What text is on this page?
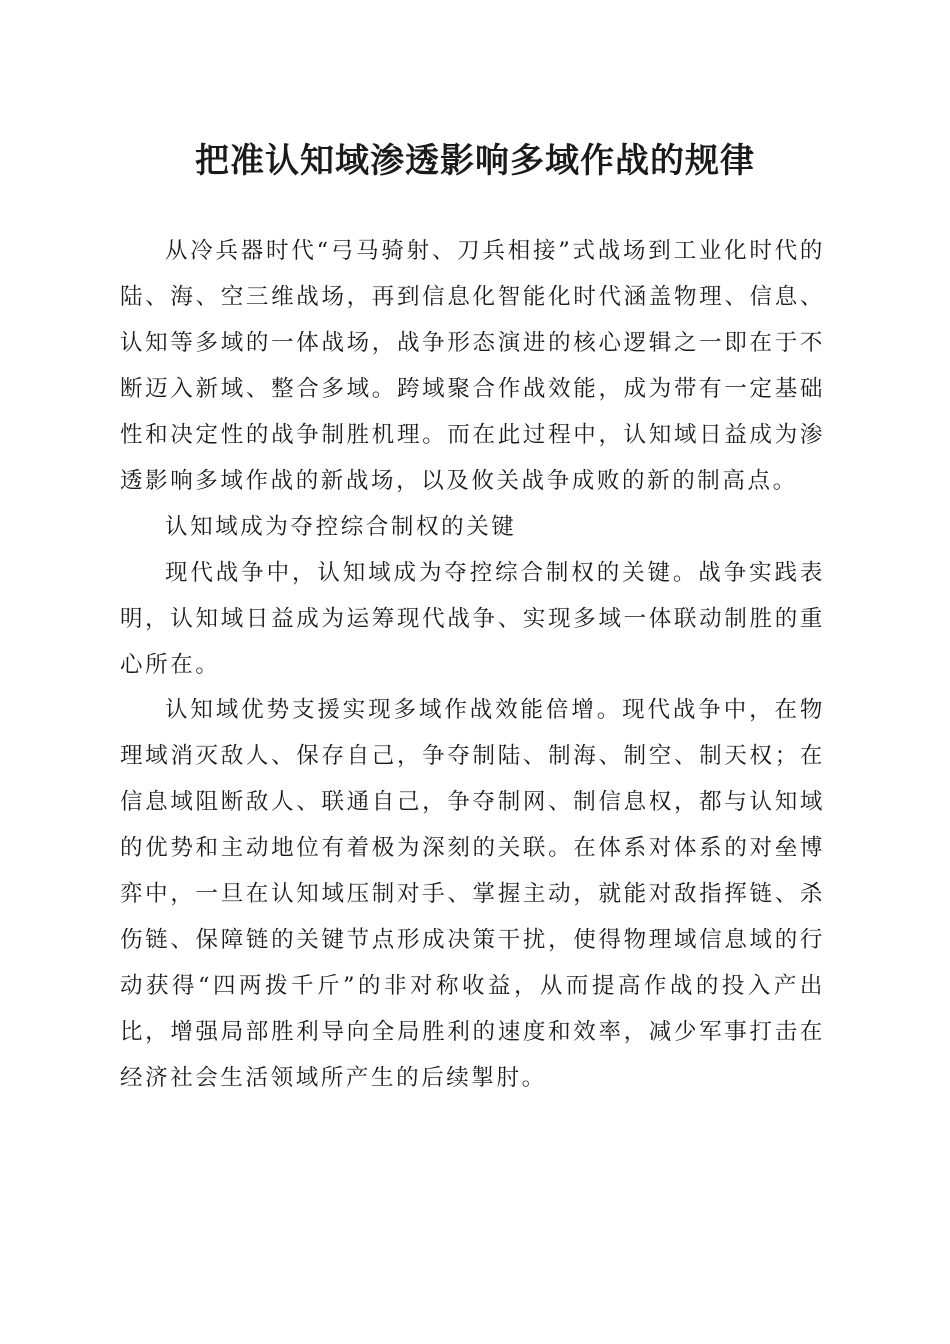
把准认知域渗透影响多域作战的规律

从冷兵器时代“弓马骑射、刀兵相接”式战场到工业化时代的陆、海、空三维战场，再到信息化智能化时代涵盖物理、信息、认知等多域的一体战场，战争形态演进的核心逻辑之一即在于不断迈入新域、整合多域。跨域聚合作战效能，成为带有一定基础性和决定性的战争制胜机理。而在此过程中，认知域日益成为渗透影响多域作战的新战场，以及攸关战争成败的新的制高点。

认知域成为夺控综合制权的关键

现代战争中，认知域成为夺控综合制权的关键。战争实践表明，认知域日益成为运筹现代战争、实现多域一体联动制胜的重心所在。

认知域优势支援实现多域作战效能倍增。现代战争中，在物理域消灭敌人、保存自己，争夺制陆、制海、制空、制天权；在信息域阻断敌人、联通自己，争夺制网、制信息权，都与认知域的优势和主动地位有着极为深刻的关联。在体系对体系的对垒博弈中，一旦在认知域压制对手、掌握主动，就能对敌指挥链、杀伤链、保障链的关键节点形成决策干扰，使得物理域信息域的行动获得“四两拨千斤”的非对称收益，从而提高作战的投入产出比，增强局部胜利导向全局胜利的速度和效率，减少军事打击在经济社会生活领域所产生的后续掣肘。
